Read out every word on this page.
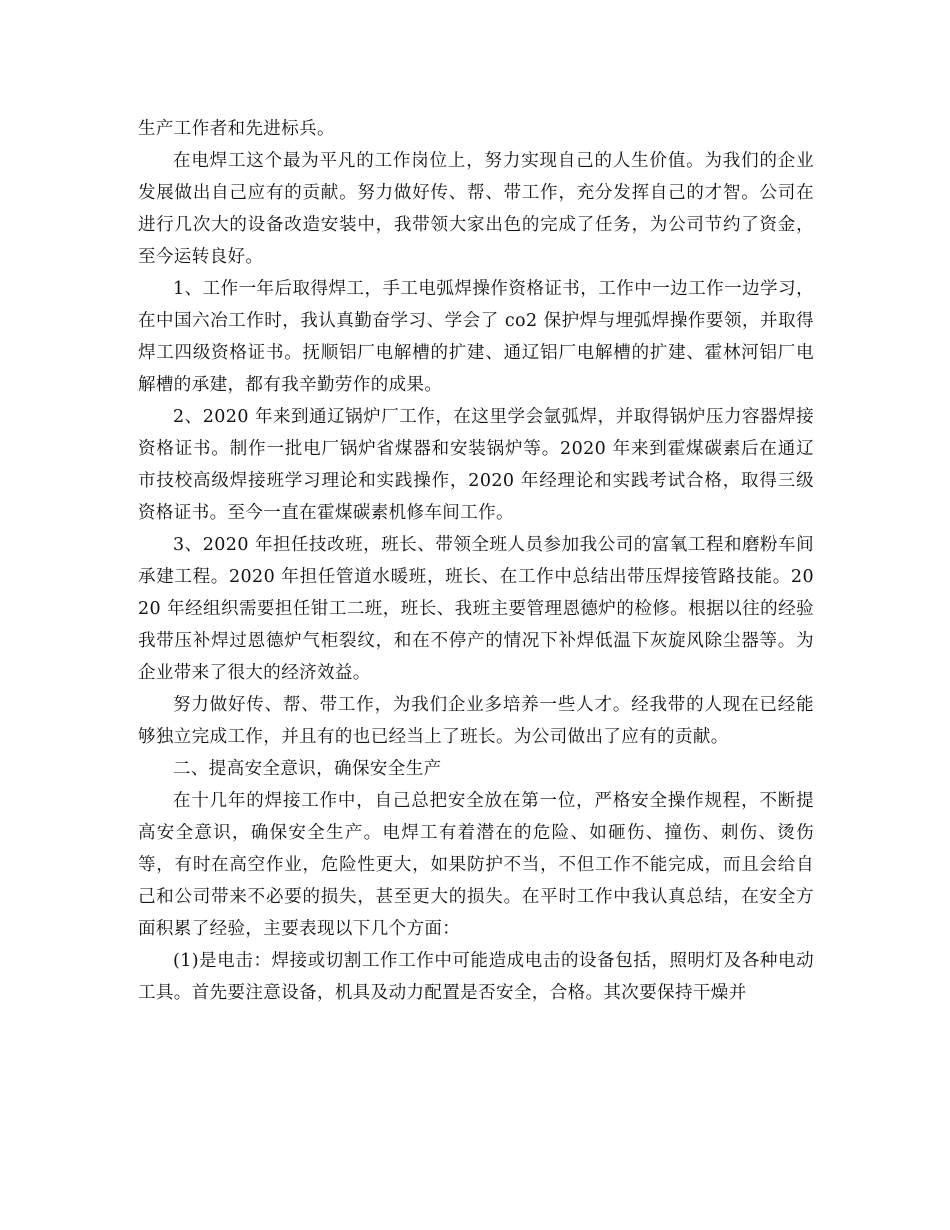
生产工作者和先进标兵。

在电焊工这个最为平凡的工作岗位上，努力实现自己的人生价值。为我们的企业发展做出自己应有的贡献。努力做好传、帮、带工作，充分发挥自己的才智。公司在进行几次大的设备改造安装中，我带领大家出色的完成了任务，为公司节约了资金，至今运转良好。

1、工作一年后取得焊工，手工电弧焊操作资格证书，工作中一边工作一边学习，在中国六冶工作时，我认真勤奋学习、学会了 co2 保护焊与埋弧焊操作要领，并取得焊工四级资格证书。抚顺铝厂电解槽的扩建、通辽铝厂电解槽的扩建、霍林河铝厂电解槽的承建，都有我辛勤劳作的成果。

2、2020 年来到通辽锅炉厂工作，在这里学会氩弧焊，并取得锅炉压力容器焊接资格证书。制作一批电厂锅炉省煤器和安装锅炉等。2020 年来到霍煤碳素后在通辽市技校高级焊接班学习理论和实践操作，2020 年经理论和实践考试合格，取得三级资格证书。至今一直在霍煤碳素机修车间工作。

3、2020 年担任技改班，班长、带领全班人员参加我公司的富氧工程和磨粉车间承建工程。2020 年担任管道水暖班，班长、在工作中总结出带压焊接管路技能。2020 年经组织需要担任钳工二班，班长、我班主要管理恩德炉的检修。根据以往的经验我带压补焊过恩德炉气柜裂纹，和在不停产的情况下补焊低温下灰旋风除尘器等。为企业带来了很大的经济效益。

努力做好传、帮、带工作，为我们企业多培养一些人才。经我带的人现在已经能够独立完成工作，并且有的也已经当上了班长。为公司做出了应有的贡献。

二、提高安全意识，确保安全生产

在十几年的焊接工作中，自己总把安全放在第一位，严格安全操作规程，不断提高安全意识，确保安全生产。电焊工有着潜在的危险、如砸伤、撞伤、刺伤、烫伤等，有时在高空作业，危险性更大，如果防护不当，不但工作不能完成，而且会给自己和公司带来不必要的损失，甚至更大的损失。在平时工作中我认真总结，在安全方面积累了经验，主要表现以下几个方面：

(1)是电击：焊接或切割工作工作中可能造成电击的设备包括，照明灯及各种电动工具。首先要注意设备，机具及动力配置是否安全，合格。其次要保持干燥并
